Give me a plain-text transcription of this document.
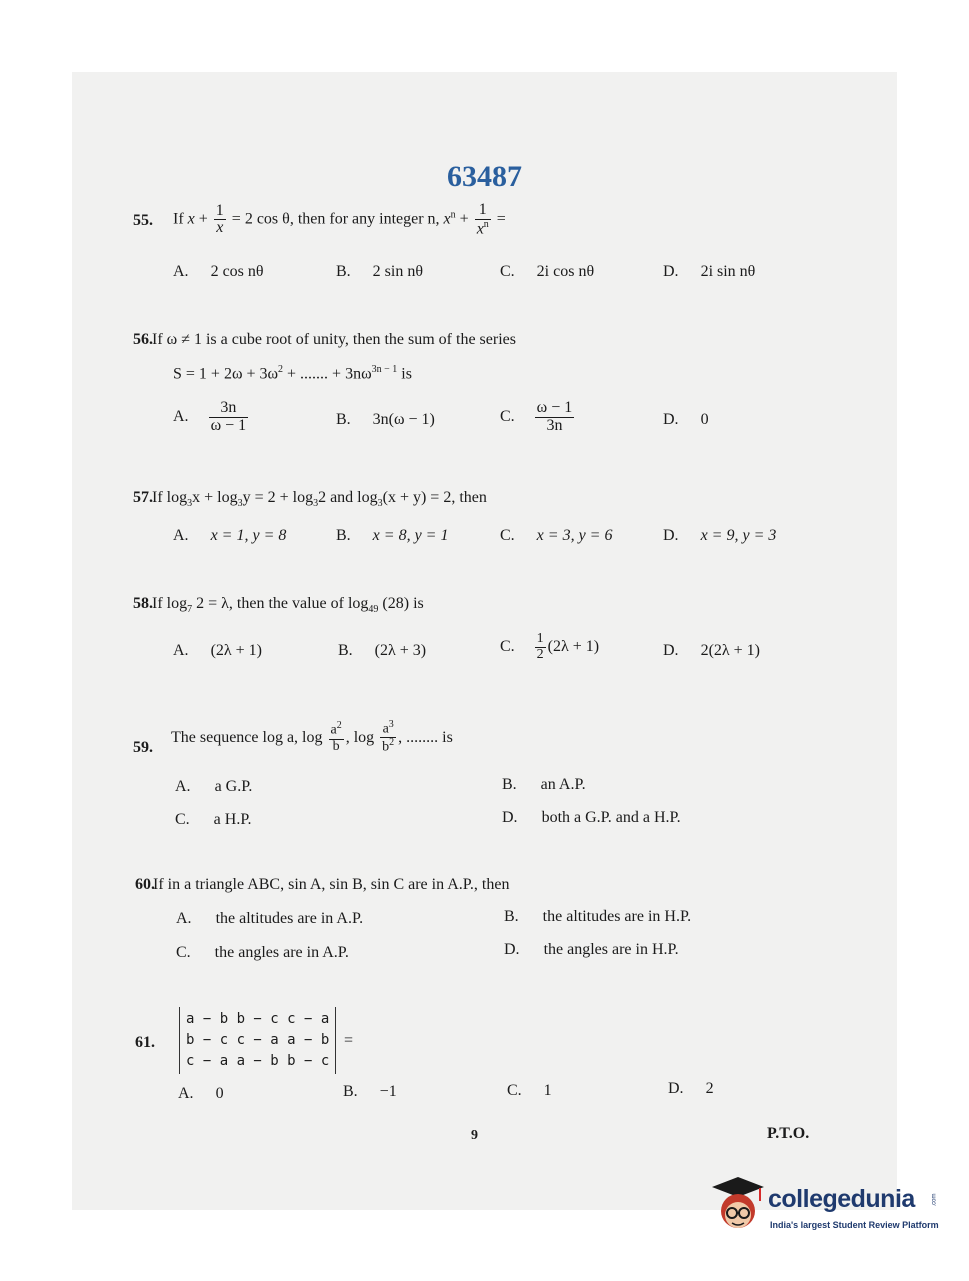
63487
55. If $x + \frac{1}{x} = 2$ cos θ, then for any integer n, $x^n + \frac{1}{x^n}$ =
A. 2 cos nθ	B. 2 sin nθ	C. 2i cos nθ	D. 2i sin nθ
56. If ω ≠ 1 is a cube root of unity, then the sum of the series
$S = 1 + 2\omega + 3\omega^2$ + ....... + $3n\omega^{3n - 1}$ is
A. $\frac{3n}{\omega - 1}$	B. 3n(ω − 1)	C. $\frac{\omega - 1}{3n}$	D. 0
57. If $\log_3x + \log_3y = 2 + \log_32$ and $\log_3(x + y) = 2$, then
A. x = 1, y = 8	B. x = 8, y = 1	C. x = 3, y = 6	D. x = 9, y = 3
58. If $\log_7 2 = \lambda$, then the value of $\log_{49} (28)$ is
A. (2λ + 1)	B. (2λ + 3)	C. $\frac{1}{2} (2\lambda + 1)$	D. 2(2λ + 1)
59. The sequence log a, $\log \frac{a^2}{b}$ , $\log \frac{a^3}{b^2}$ , ........ is
A. a G.P.	B. an A.P.
C. a H.P.	D. both a G.P. and a H.P.
60.
If in a triangle ABC, sin A, sin B, sin C are in A.P., then
A. the altitudes are in A.P.	B. the altitudes are in H.P.
C. the angles are in A.P.	D. the angles are in H.P.
61.
a − b b − c c − a
b − c c − a a − b
c − a a − b b − c
=
A. 0	B. −1	C. 1	D. 2
9	P.T.O.
collegedunia	.com
India's largest Student Review Platform
